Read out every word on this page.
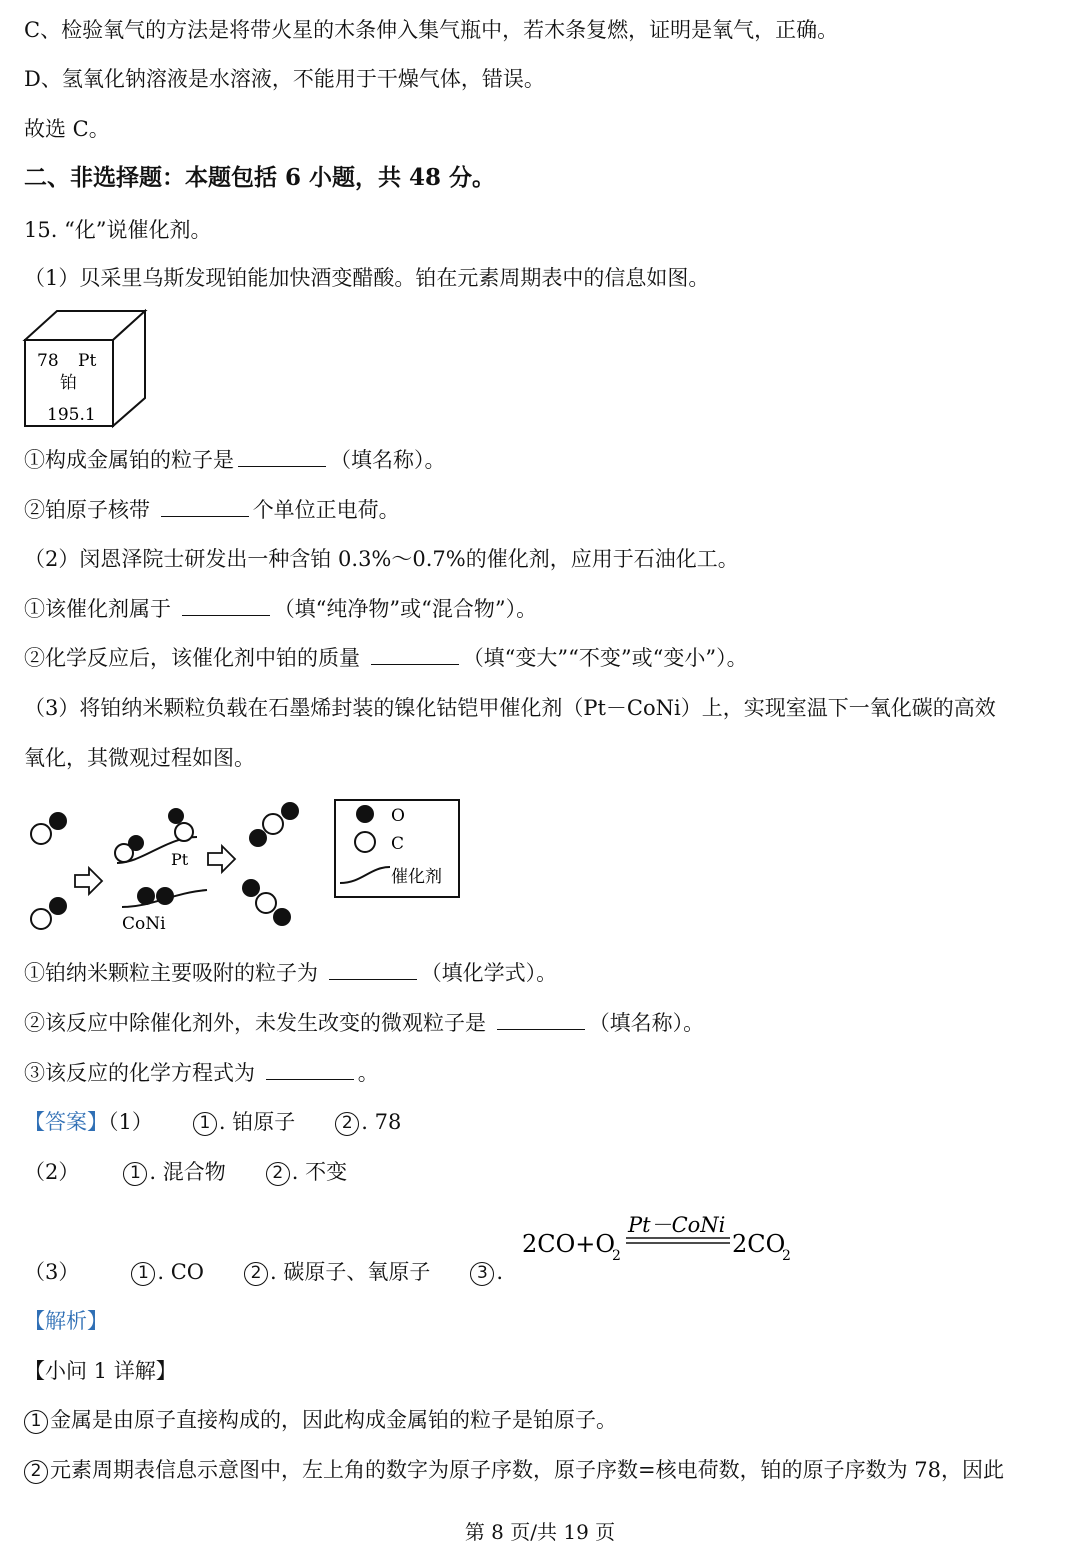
C、检验氧气的方法是将带火星的木条伸入集气瓶中，若木条复燃，证明是氧气，正确。
D、氢氧化钠溶液是水溶液，不能用于干燥气体，错误。
故选 C。
二、非选择题：本题包括 6 小题，共 48 分。
15. “化”说催化剂。
（1）贝采里乌斯发现铂能加快酒变醋酸。铂在元素周期表中的信息如图。
78 Pt
铂
195.1
①构成金属铂的粒子是	（填名称）。
②铂原子核带	个单位正电荷。
（2）闵恩泽院士研发出一种含铂 0.3%～0.7%的催化剂，应用于石油化工。
①该催化剂属于	（填“纯净物”或“混合物”）。
②化学反应后，该催化剂中铂的质量	（填“变大”“不变”或“变小”）。
（3）将铂纳米颗粒负载在石墨烯封装的镍化钴铠甲催化剂（Pt－CoNi）上，实现室温下一氧化碳的高效
氧化，其微观过程如图。
Pt
CoNi
O
C
催化剂
①铂纳米颗粒主要吸附的粒子为	（填化学式）。
②该反应中除催化剂外，未发生改变的微观粒子是	（填名称）。
③该反应的化学方程式为	。
【答案】（1）	1 . 铂原子	2 . 78
（2）	1 . 混合物	2 . 不变
（3）	1 . CO	2 . 碳原子、氧原子	3 .
2CO+O
2
Pt－CoNi
2CO
2
【解析】
【小问 1 详解】
1 金属是由原子直接构成的，因此构成金属铂的粒子是铂原子。
2 元素周期表信息示意图中，左上角的数字为原子序数，原子序数=核电荷数，铂的原子序数为 78，因此
第 8 页/共 19 页
